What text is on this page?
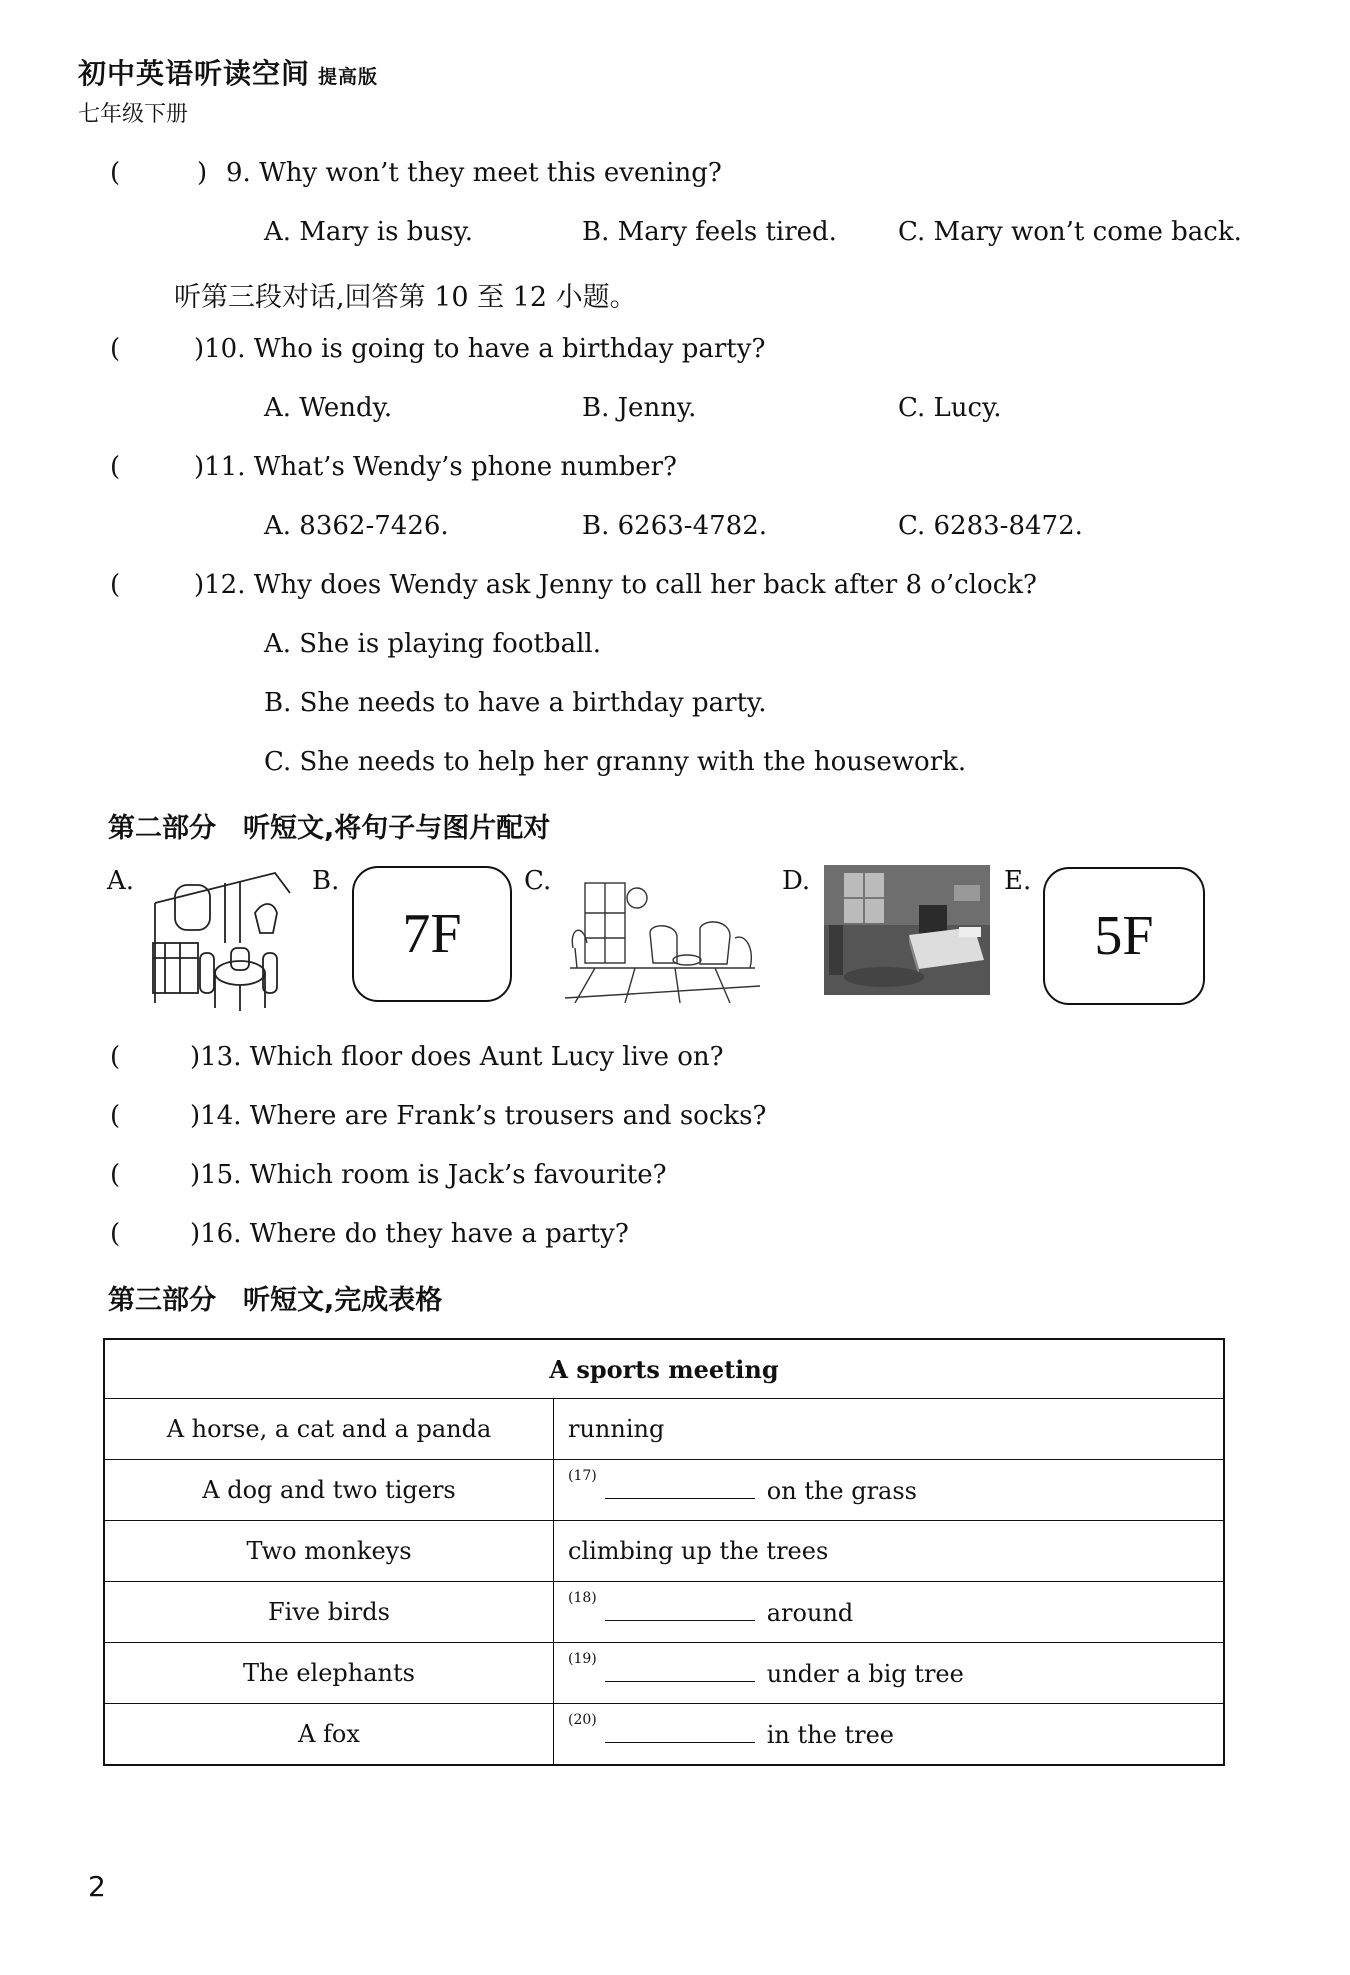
初中英语听读空间 提高版
七年级下册
(	) 9. Why won’t they meet this evening?
A. Mary is busy.	B. Mary feels tired. C. Mary won’t come back.
听第三段对话,回答第 10 至 12 小题。
(	)10. Who is going to have a birthday party?
A. Wendy.	B. Jenny.	C. Lucy.
(	)11. What’s Wendy’s phone number?
A. 8362-7426.	B. 6263-4782.	C. 6283-8472.
(	)12. Why does Wendy ask Jenny to call her back after 8 o’clock?
A. She is playing football.
B. She needs to have a birthday party.
C. She needs to help her granny with the housework.
第二部分　听短文,将句子与图片配对
A.	B.
7F
C.	D.	E.
5F
(	)13. Which floor does Aunt Lucy live on?
(	)14. Where are Frank’s trousers and socks?
(	)15. Which room is Jack’s favourite?
(	)16. Where do they have a party?
第三部分　听短文,完成表格
A sports meeting	
A horse, a cat and a panda	running
A dog and two tigers	$^{(17)}$on the grass
Two monkeys	climbing up the trees
Five birds	$^{(18)}$around
The elephants	$^{(19)}$under a big tree
A fox	$^{(20)}$in the tree
2
